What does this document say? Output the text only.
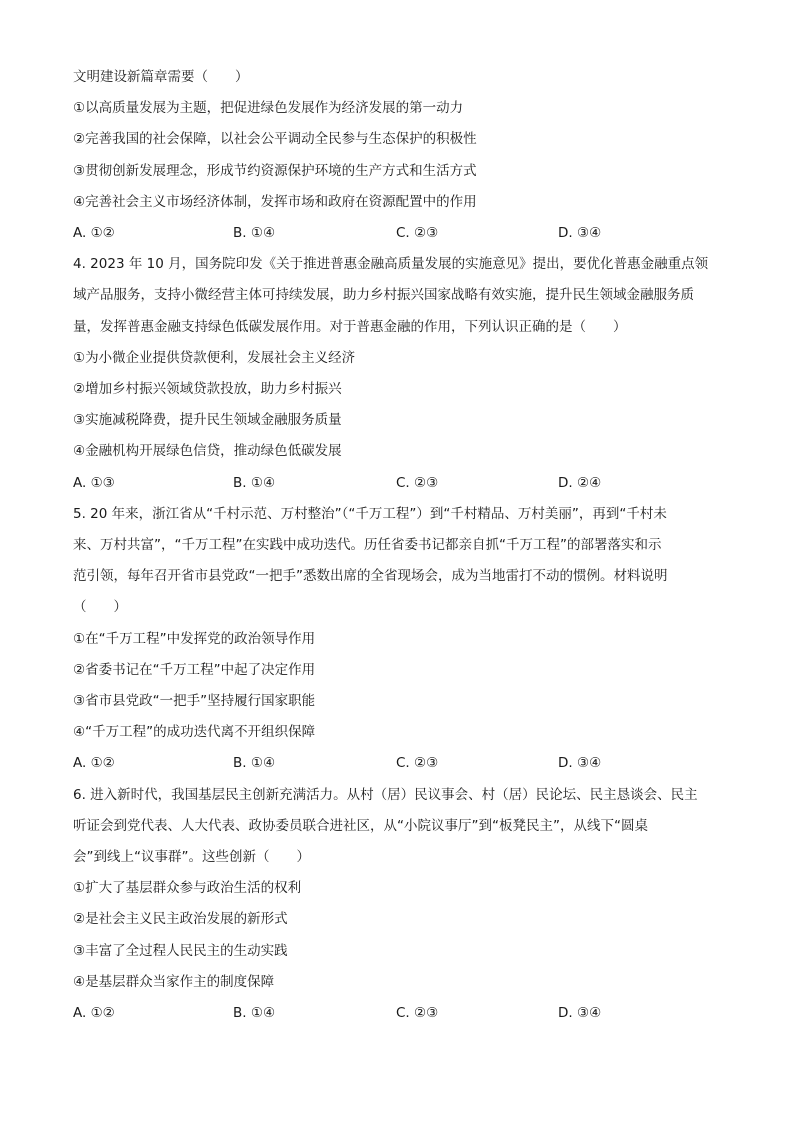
文明建设新篇章需要（　　）
①以高质量发展为主题，把促进绿色发展作为经济发展的第一动力
②完善我国的社会保障，以社会公平调动全民参与生态保护的积极性
③贯彻创新发展理念，形成节约资源保护环境的生产方式和生活方式
④完善社会主义市场经济体制，发挥市场和政府在资源配置中的作用
A. ①②	B. ①④	C. ②③	D. ③④
4. 2023 年 10 月，国务院印发《关于推进普惠金融高质量发展的实施意见》提出，要优化普惠金融重点领
域产品服务，支持小微经营主体可持续发展，助力乡村振兴国家战略有效实施，提升民生领域金融服务质
量，发挥普惠金融支持绿色低碳发展作用。对于普惠金融的作用，下列认识正确的是（　　）
①为小微企业提供贷款便利，发展社会主义经济
②增加乡村振兴领域贷款投放，助力乡村振兴
③实施减税降费，提升民生领域金融服务质量
④金融机构开展绿色信贷，推动绿色低碳发展
A. ①③	B. ①④	C. ②③	D. ②④
5. 20 年来，浙江省从“千村示范、万村整治”（“千万工程”）到“千村精品、万村美丽”，再到“千村未
来、万村共富”，“千万工程”在实践中成功迭代。历任省委书记都亲自抓“千万工程”的部署落实和示
范引领，每年召开省市县党政“一把手”悉数出席的全省现场会，成为当地雷打不动的惯例。材料说明
（　　）
①在“千万工程”中发挥党的政治领导作用
②省委书记在“千万工程”中起了决定作用
③省市县党政“一把手”坚持履行国家职能
④“千万工程”的成功迭代离不开组织保障
A. ①②	B. ①④	C. ②③	D. ③④
6. 进入新时代，我国基层民主创新充满活力。从村（居）民议事会、村（居）民论坛、民主恳谈会、民主
听证会到党代表、人大代表、政协委员联合进社区，从“小院议事厅”到“板凳民主”，从线下“圆桌
会”到线上“议事群”。这些创新（　　）
①扩大了基层群众参与政治生活的权利
②是社会主义民主政治发展的新形式
③丰富了全过程人民民主的生动实践
④是基层群众当家作主的制度保障
A. ①②	B. ①④	C. ②③	D. ③④
